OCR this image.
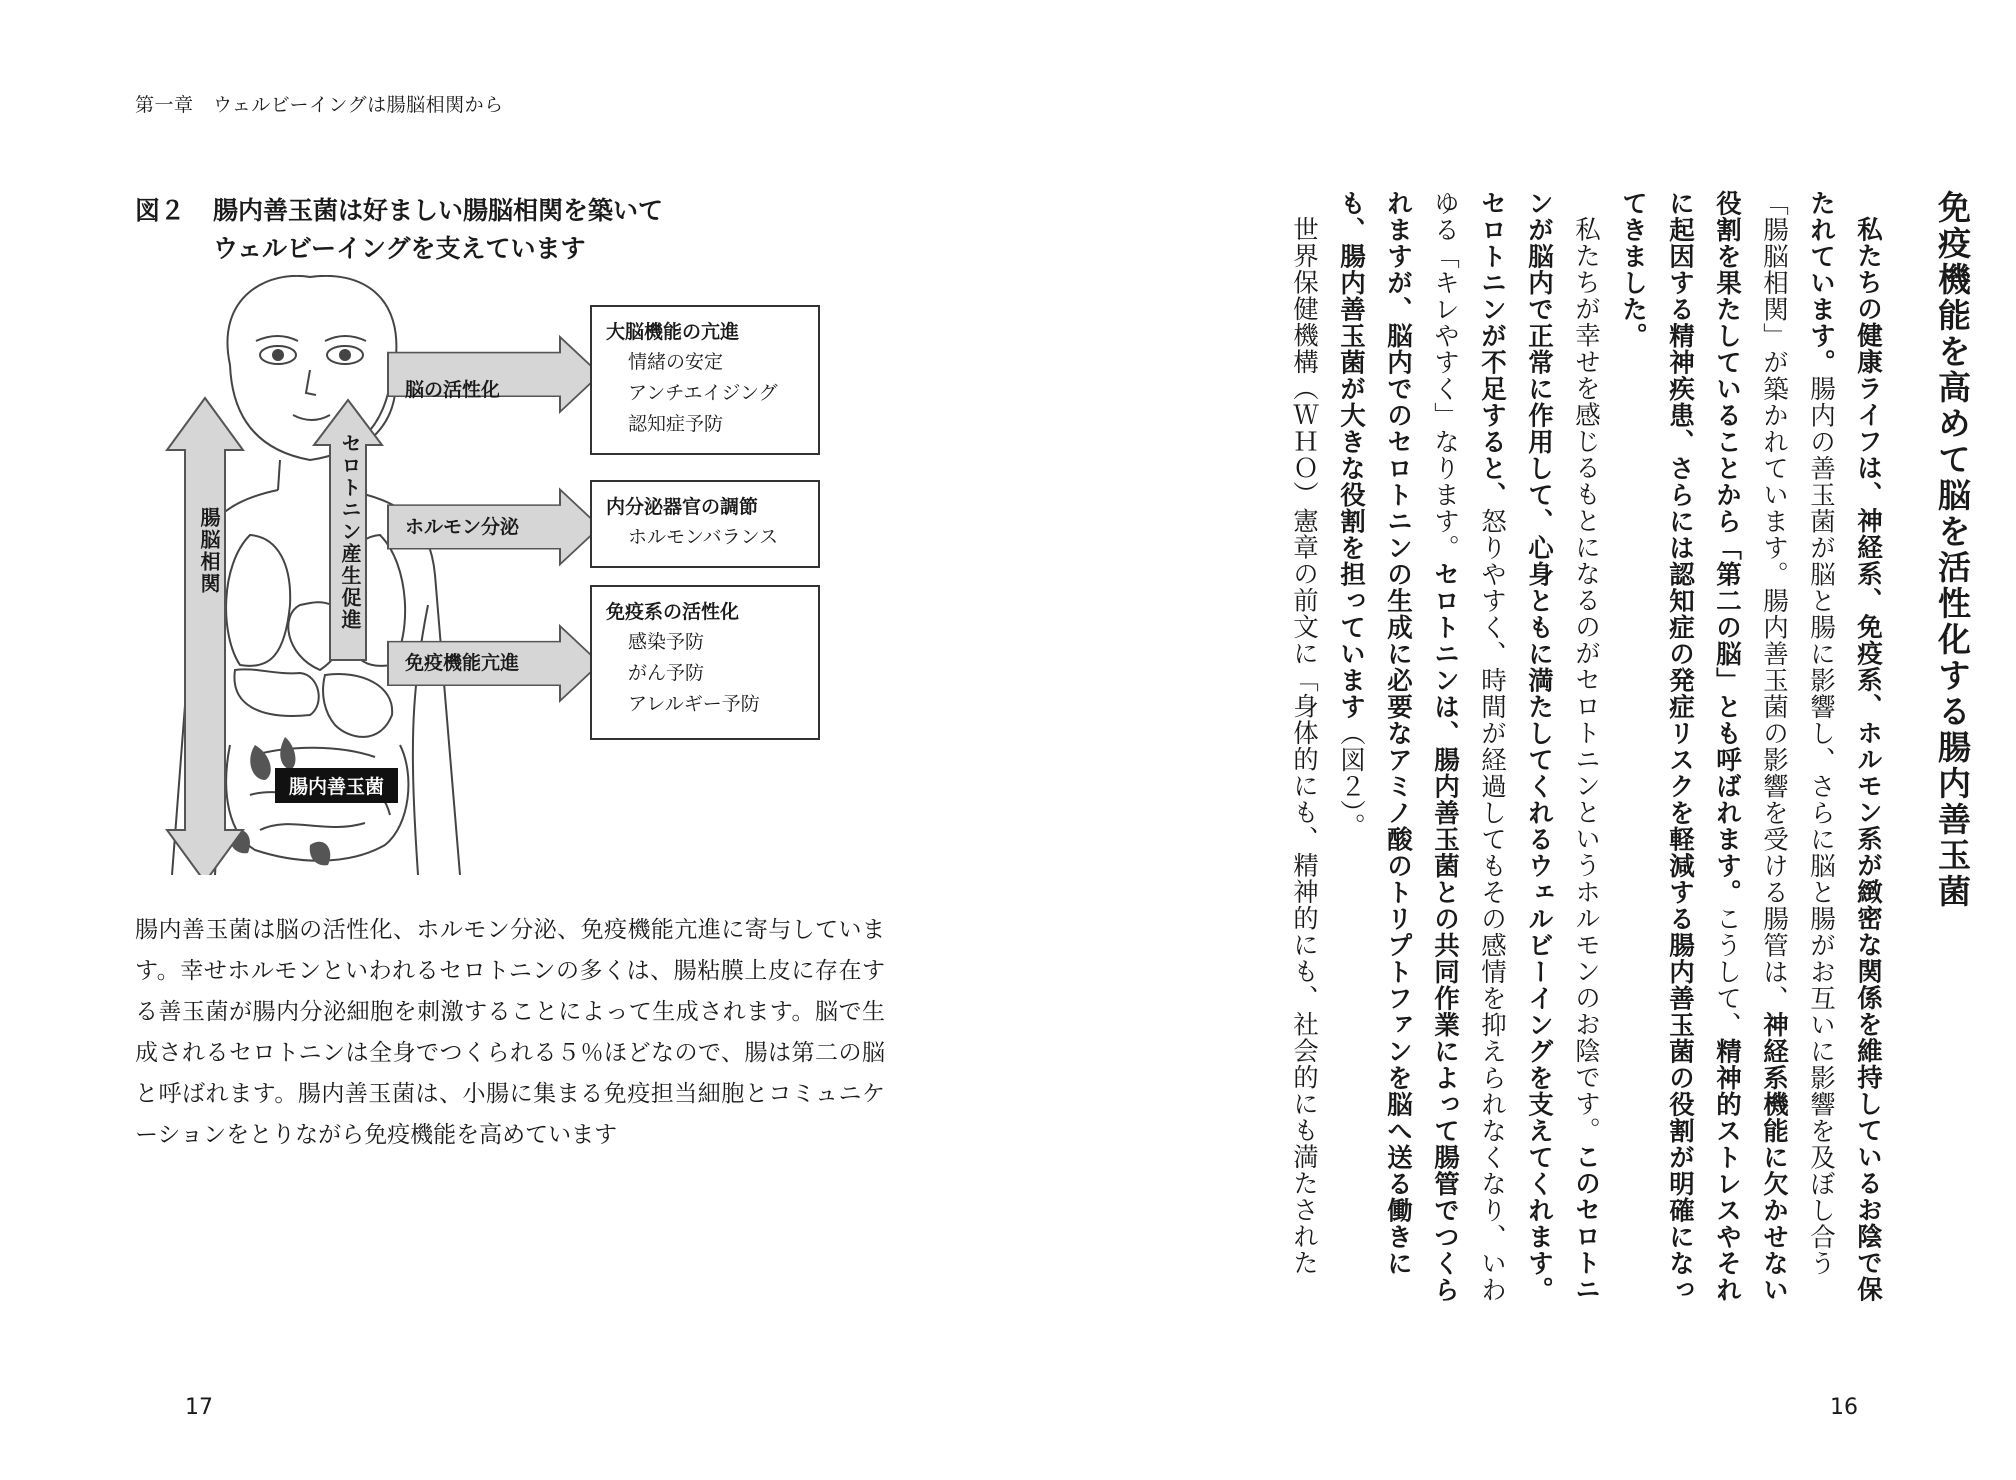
第一章　ウェルビーイングは腸脳相関から
図２ 腸内善玉菌は好ましい腸脳相関を築いて

ウェルビーイングを支えています
腸脳相関	セロトニン産生促進
脳の活性化
ホルモン分泌
免疫機能亢進
大脳機能の亢進
情緒の安定
アンチエイジング
認知症予防
内分泌器官の調節
ホルモンバランス
免疫系の活性化
感染予防
がん予防
アレルギー予防
腸内善玉菌
腸内善玉菌は脳の活性化、ホルモン分泌、免疫機能亢進に寄与しています。幸せホルモンといわれるセロトニンの多くは、腸粘膜上皮に存在する善玉菌が腸内分泌細胞を刺激することによって生成されます。脳で生成されるセロトニンは全身でつくられる５％ほどなので、腸は第二の脳と呼ばれます。腸内善玉菌は、小腸に集まる免疫担当細胞とコミュニケーションをとりながら免疫機能を高めています
17
免疫機能を高めて脳を活性化する腸内善玉菌

私たちの健康ライフは、神経系、免疫系、ホルモン系が緻密な関係を維持しているお陰で保たれています。腸内の善玉菌が脳と腸に影響し、さらに脳と腸がお互いに影響を及ぼし合う「腸脳相関」が築かれています。腸内善玉菌の影響を受ける腸管は、神経系機能に欠かせない役割を果たしていることから「第二の脳」とも呼ばれます。こうして、精神的ストレスやそれに起因する精神疾患、さらには認知症の発症リスクを軽減する腸内善玉菌の役割が明確になってきました。

私たちが幸せを感じるもとになるのがセロトニンというホルモンのお陰です。このセロトニンが脳内で正常に作用して、心身ともに満たしてくれるウェルビーイングを支えてくれます。セロトニンが不足すると、怒りやすく、時間が経過してもその感情を抑えられなくなり、いわゆる「キレやすく」なります。セロトニンは、腸内善玉菌との共同作業によって腸管でつくられますが、脳内でのセロトニンの生成に必要なアミノ酸のトリプトファンを脳へ送る働きにも、腸内善玉菌が大きな役割を担っています（図２）。

世界保健機構（ＷＨＯ）憲章の前文に「身体的にも、精神的にも、社会的にも満たされた

16
